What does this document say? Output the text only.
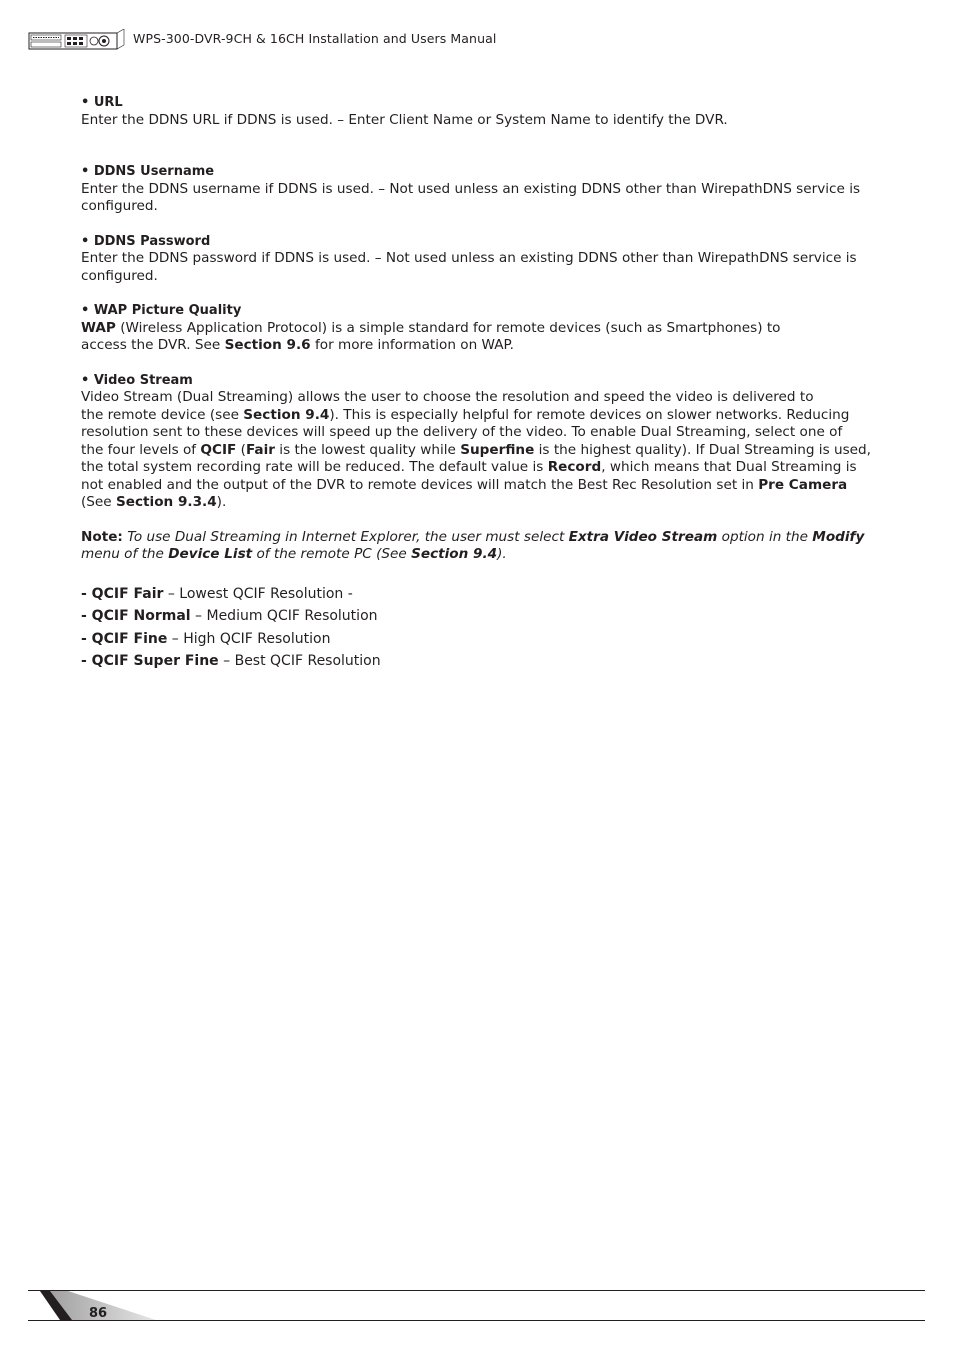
WPS-300-DVR-9CH & 16CH Installation and Users Manual
• URL
Enter the DDNS URL if DDNS is used. – Enter Client Name or System Name to identify the DVR.
• DDNS Username
Enter the DDNS username if DDNS is used. – Not used unless an existing DDNS other than WirepathDNS service is
configured.
• DDNS Password
Enter the DDNS password if DDNS is used. – Not used unless an existing DDNS other than WirepathDNS service is
configured.
• WAP Picture Quality
WAP (Wireless Application Protocol) is a simple standard for remote devices (such as Smartphones) to
access the DVR. See Section 9.6 for more information on WAP.
• Video Stream
Video Stream (Dual Streaming) allows the user to choose the resolution and speed the video is delivered to
the remote device (see Section 9.4). This is especially helpful for remote devices on slower networks. Reducing
resolution sent to these devices will speed up the delivery of the video. To enable Dual Streaming, select one of
the four levels of QCIF (Fair is the lowest quality while Superfine is the highest quality). If Dual Streaming is used,
the total system recording rate will be reduced. The default value is Record, which means that Dual Streaming is
not enabled and the output of the DVR to remote devices will match the Best Rec Resolution set in Pre Camera
(See Section 9.3.4).
Note: To use Dual Streaming in Internet Explorer, the user must select Extra Video Stream option in the Modify
menu of the Device List of the remote PC (See Section 9.4).
- QCIF Fair – Lowest QCIF Resolution -
- QCIF Normal – Medium QCIF Resolution
- QCIF Fine – High QCIF Resolution
- QCIF Super Fine – Best QCIF Resolution
86
